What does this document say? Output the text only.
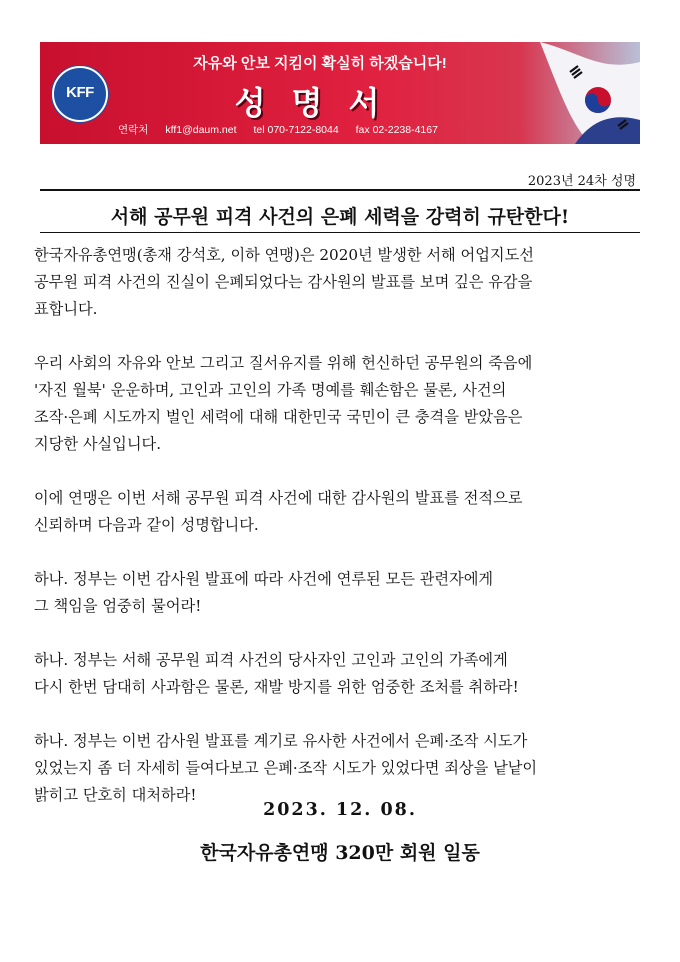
KFF
자유와 안보 지킴이 확실히 하겠습니다!
성명서
연락처 kff1@daum.net tel 070-7122-8044 fax 02-2238-4167
2023년 24차 성명
서해 공무원 피격 사건의 은폐 세력을 강력히 규탄한다!
한국자유총연맹(총재 강석호, 이하 연맹)은 2020년 발생한 서해 어업지도선
공무원 피격 사건의 진실이 은폐되었다는 감사원의 발표를 보며 깊은 유감을
표합니다.
우리 사회의 자유와 안보 그리고 질서유지를 위해 헌신하던 공무원의 죽음에
'자진 월북' 운운하며, 고인과 고인의 가족 명예를 훼손함은 물론, 사건의
조작·은폐 시도까지 벌인 세력에 대해 대한민국 국민이 큰 충격을 받았음은
지당한 사실입니다.
이에 연맹은 이번 서해 공무원 피격 사건에 대한 감사원의 발표를 전적으로
신뢰하며 다음과 같이 성명합니다.
하나. 정부는 이번 감사원 발표에 따라 사건에 연루된 모든 관련자에게
그 책임을 엄중히 물어라!
하나. 정부는 서해 공무원 피격 사건의 당사자인 고인과 고인의 가족에게
다시 한번 담대히 사과함은 물론, 재발 방지를 위한 엄중한 조처를 취하라!
하나. 정부는 이번 감사원 발표를 계기로 유사한 사건에서 은폐·조작 시도가
있었는지 좀 더 자세히 들여다보고 은폐·조작 시도가 있었다면 죄상을 낱낱이
밝히고 단호히 대처하라!
2023. 12. 08.
한국자유총연맹 320만 회원 일동
